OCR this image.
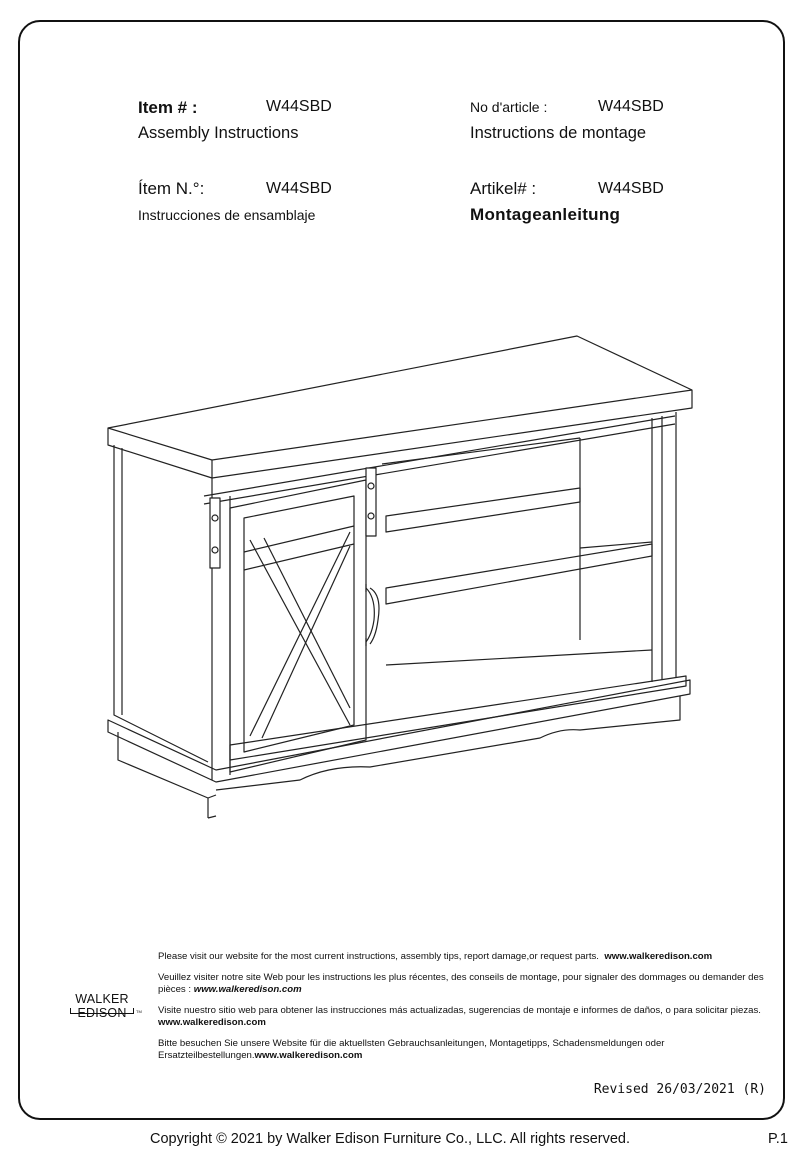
Item # :	W44SBD
Assembly Instructions
No d'article :	W44SBD
Instructions de montage
Ítem N.°:	W44SBD
Instrucciones de ensamblaje
Artikel# :	W44SBD
Montageanleitung

Please visit our website for the most current instructions, assembly tips, report damage,or request parts. www.walkeredison.com

Veuillez visiter notre site Web pour les instructions les plus récentes, des conseils de montage, pour signaler des dommages ou demander des pièces : www.walkeredison.com

Visite nuestro sitio web para obtener las instrucciones más actualizadas, sugerencias de montaje e informes de daños, o para solicitar piezas. www.walkeredison.com

Bitte besuchen Sie unsere Website für die aktuellsten Gebrauchsanleitungen, Montagetipps, Schadensmeldungen oder Ersatzteilbestellungen.www.walkeredison.com

WALKER EDISON	TM
Revised 26/03/2021 (R)
Copyright © 2021 by Walker Edison Furniture Co., LLC. All rights reserved.	P.1
